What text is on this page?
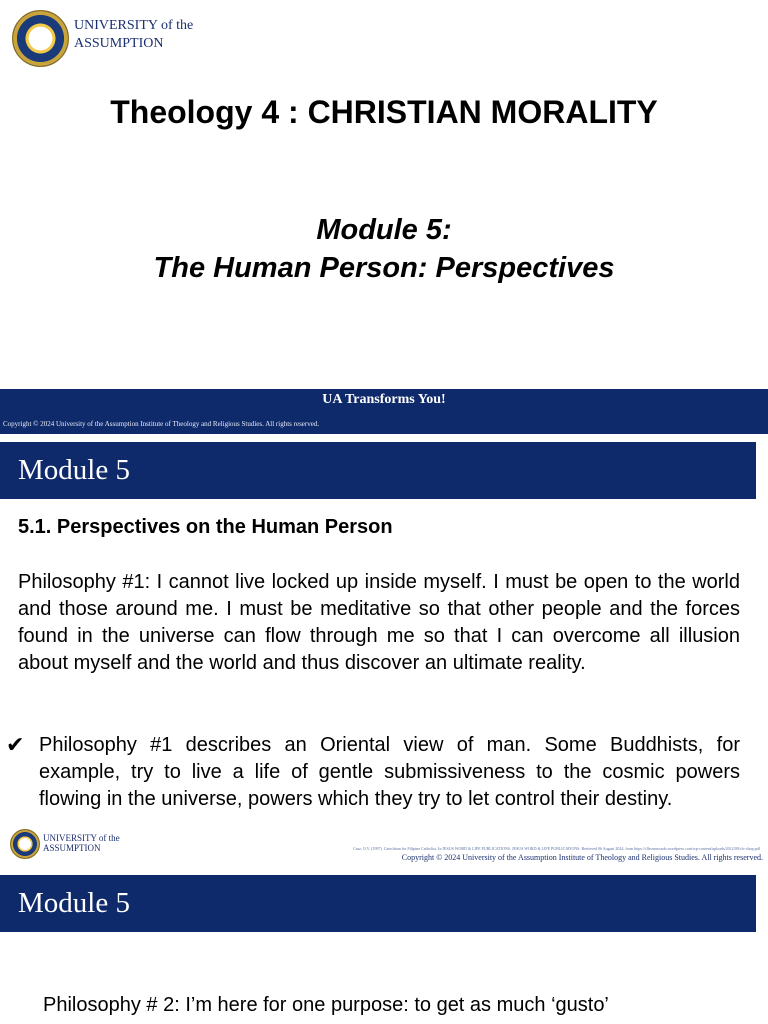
UNIVERSITY of the
ASSUMPTION
Theology 4 : CHRISTIAN MORALITY
Module 5:
The Human Person: Perspectives
UA Transforms You!
Copyright © 2024 University of the Assumption Institute of Theology and Religious Studies. All rights reserved.
Module 5
5.1. Perspectives on the Human Person
Philosophy #1: I cannot live locked up inside myself. I must be open to the world and those around me. I must be meditative so that other people and the forces found in the universe can flow through me so that I can overcome all illusion about myself and the world and thus discover an ultimate reality.
✔ Philosophy #1 describes an Oriental view of man. Some Buddhists, for example, try to live a life of gentle submissiveness to the cosmic powers flowing in the universe, powers which they try to let control their destiny.
UNIVERSITY of the
ASSUMPTION	Cruz, O.V. (1997). Catechism for Filipino Catholics. In JESUS WORD & LIFE PUBLICATIONS. JESUS WORD & LIFE PUBLICATIONS. Retrieved 06 August 2024, from https://rlleonrrosado.wordpress.com/wp-content/uploads/2012/09/cfc-shop.pdf
Copyright © 2024 University of the Assumption Institute of Theology and Religious Studies. All rights reserved.
Module 5
Philosophy # 2: I’m here for one purpose: to get as much ‘gusto’
